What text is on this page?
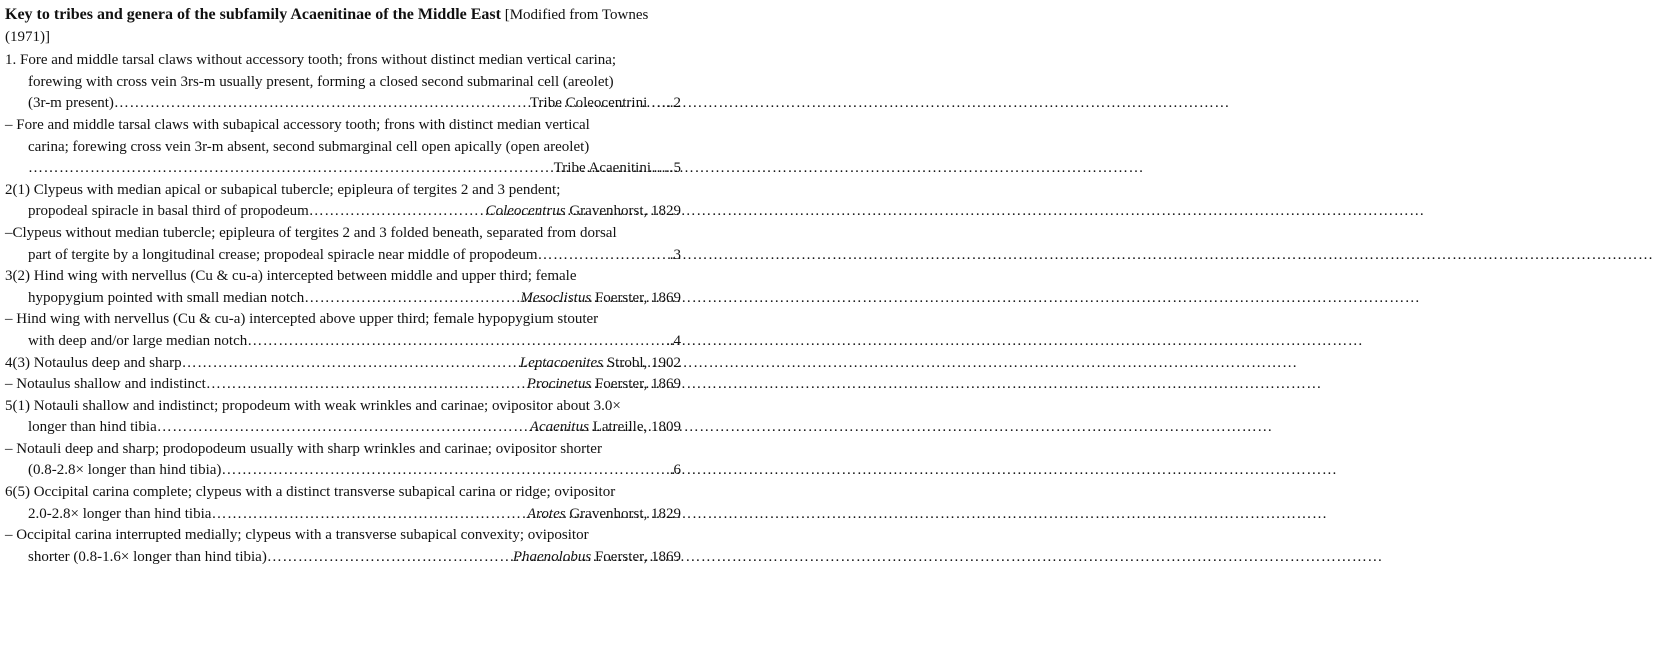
Key to tribes and genera of the subfamily Acaenitinae of the Middle East [Modified from Townes (1971)]
1. Fore and middle tarsal claws without accessory tooth; frons without distinct median vertical carina;
forewing with cross vein 3rs-m usually present, forming a closed second submarinal cell (areolet)
(3r-m present) ………………………………………………………………………………………………………………………………………………………………………………………………	Tribe Coleocentrini …..2
– Fore and middle tarsal claws with subapical accessory tooth; frons with distinct median vertical
carina; forewing cross vein 3r-m absent, second submarginal cell open apically (open areolet)
………………………………………………………………………………………………………………………………………………………………………………………………
Tribe Acaenitini…..5
2(1) Clypeus with median apical or subapical tubercle; epipleura of tergites 2 and 3 pendent;
propodeal spiracle in basal third of propodeum ………………………………………………………………………………………………………………………………………………………………………………………………	Coleocentrus Gravenhorst, 1829
–Clypeus without median tubercle; epipleura of tergites 2 and 3 folded beneath, separated from dorsal
part of tergite by a longitudinal crease; propodeal spiracle near middle of propodeum ………………………………………………………………………………………………………………………………………………………………………………………………	.3
3(2) Hind wing with nervellus (Cu & cu-a) intercepted between middle and upper third; female
hypopygium pointed with small median notch ………………………………………………………………………………………………………………………………………………………………………………………………	Mesoclistus Foerster, 1869
– Hind wing with nervellus (Cu & cu-a) intercepted above upper third; female hypopygium stouter
with deep and/or large median notch ………………………………………………………………………………………………………………………………………………………………………………………………	..4
4(3) Notaulus deep and sharp ………………………………………………………………………………………………………………………………………………………………………………………………	Leptacoenites Strobl, 1902
– Notaulus shallow and indistinct ………………………………………………………………………………………………………………………………………………………………………………………………	Procinetus Foerster, 1869
5(1) Notauli shallow and indistinct; propodeum with weak wrinkles and carinae; ovipositor about 3.0×
longer than hind tibia ………………………………………………………………………………………………………………………………………………………………………………………………	Acaenitus Latreille, 1809
– Notauli deep and sharp; prodopodeum usually with sharp wrinkles and carinae; ovipositor shorter
(0.8-2.8× longer than hind tibia) ………………………………………………………………………………………………………………………………………………………………………………………………	.6
6(5) Occipital carina complete; clypeus with a distinct transverse subapical carina or ridge; ovipositor
2.0-2.8× longer than hind tibia ………………………………………………………………………………………………………………………………………………………………………………………………	Arotes Gravenhorst, 1829
– Occipital carina interrupted medially; clypeus with a transverse subapical convexity; ovipositor
shorter (0.8-1.6× longer than hind tibia) ………………………………………………………………………………………………………………………………………………………………………………………………	Phaenolobus Foerster, 1869
